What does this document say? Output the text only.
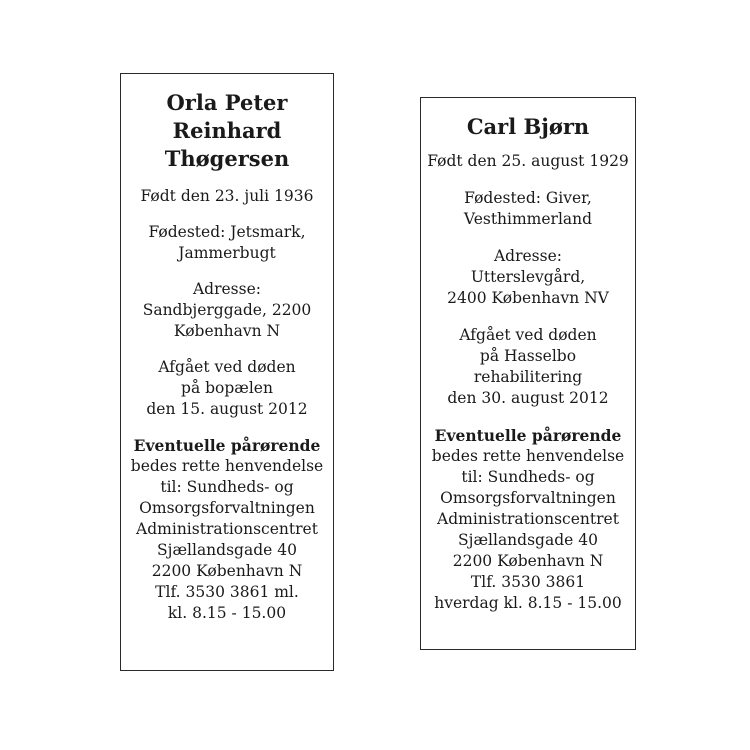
Orla Peter
Reinhard
Thøgersen
Født den 23. juli 1936
Fødested: Jetsmark,
Jammerbugt
Adresse:
Sandbjerggade, 2200
København N
Afgået ved døden
på bopælen
den 15. august 2012
Eventuelle pårørende
bedes rette henvendelse
til: Sundheds- og
Omsorgsforvaltningen
Administrationscentret
Sjællandsgade 40
2200 København N
Tlf. 3530 3861 ml.
kl. 8.15 - 15.00
Carl Bjørn
Født den 25. august 1929
Fødested: Giver,
Vesthimmerland
Adresse:
Utterslevgård,
2400 København NV
Afgået ved døden
på Hasselbo
rehabilitering
den 30. august 2012
Eventuelle pårørende
bedes rette henvendelse
til: Sundheds- og
Omsorgsforvaltningen
Administrationscentret
Sjællandsgade 40
2200 København N
Tlf. 3530 3861
hverdag kl. 8.15 - 15.00
